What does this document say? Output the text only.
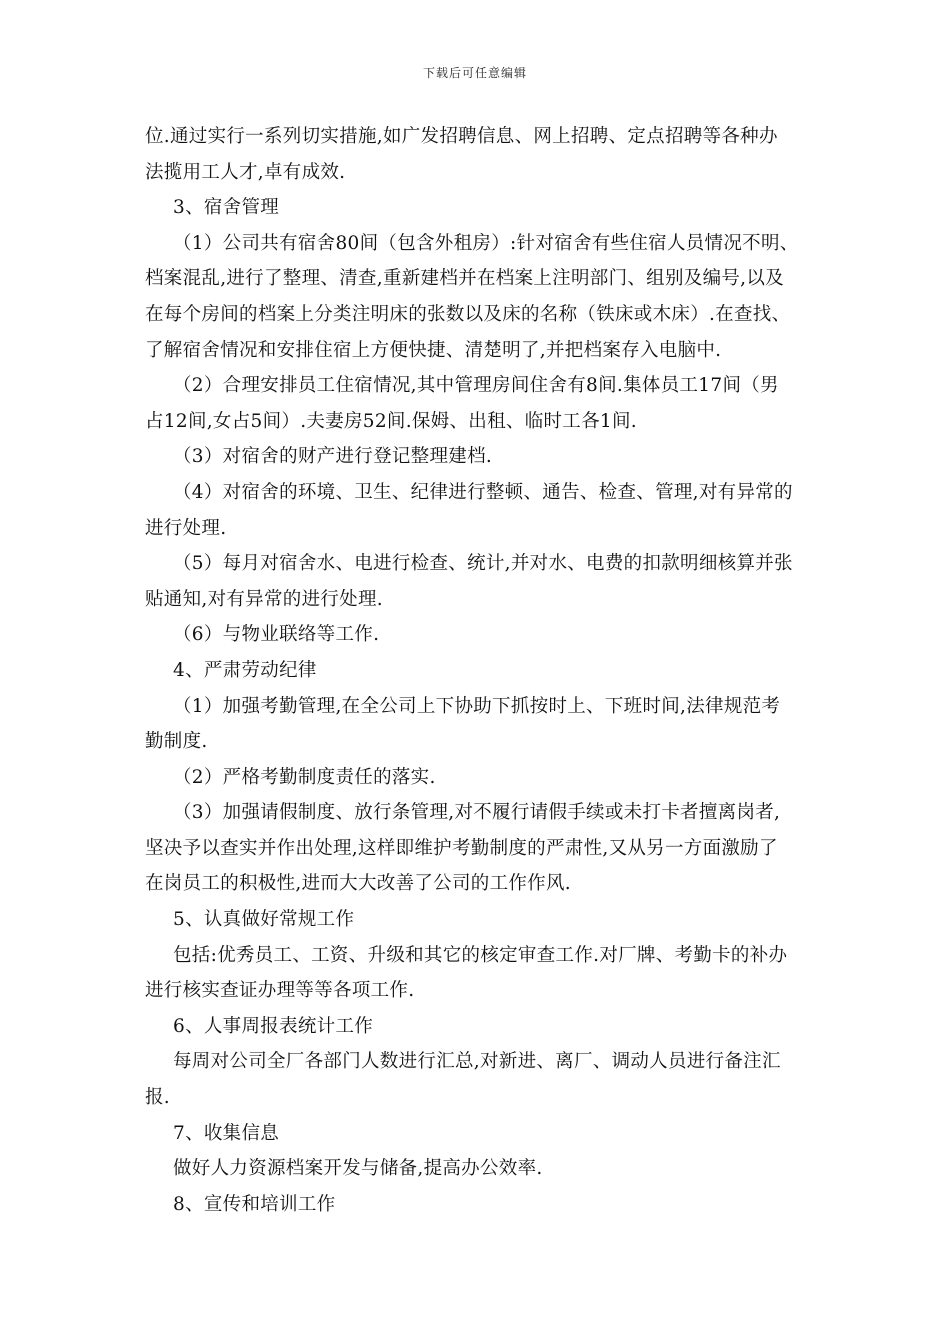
下载后可任意编辑
位.通过实行一系列切实措施,如广发招聘信息、网上招聘、定点招聘等各种办
法揽用工人才,卓有成效.
3、宿舍管理
（1）公司共有宿舍80间（包含外租房）:针对宿舍有些住宿人员情况不明、
档案混乱,进行了整理、清查,重新建档并在档案上注明部门、组别及编号,以及
在每个房间的档案上分类注明床的张数以及床的名称（铁床或木床）.在查找、
了解宿舍情况和安排住宿上方便快捷、清楚明了,并把档案存入电脑中.
（2）合理安排员工住宿情况,其中管理房间住舍有8间.集体员工17间（男
占12间,女占5间）.夫妻房52间.保姆、出租、临时工各1间.
（3）对宿舍的财产进行登记整理建档.
（4）对宿舍的环境、卫生、纪律进行整顿、通告、检查、管理,对有异常的
进行处理.
（5）每月对宿舍水、电进行检查、统计,并对水、电费的扣款明细核算并张
贴通知,对有异常的进行处理.
（6）与物业联络等工作.
4、严肃劳动纪律
（1）加强考勤管理,在全公司上下协助下抓按时上、下班时间,法律规范考
勤制度.
（2）严格考勤制度责任的落实.
（3）加强请假制度、放行条管理,对不履行请假手续或未打卡者擅离岗者,
坚决予以查实并作出处理,这样即维护考勤制度的严肃性,又从另一方面激励了
在岗员工的积极性,进而大大改善了公司的工作作风.
5、认真做好常规工作
包括:优秀员工、工资、升级和其它的核定审查工作.对厂牌、考勤卡的补办
进行核实查证办理等等各项工作.
6、人事周报表统计工作
每周对公司全厂各部门人数进行汇总,对新进、离厂、调动人员进行备注汇
报.
7、收集信息
做好人力资源档案开发与储备,提高办公效率.
8、宣传和培训工作
